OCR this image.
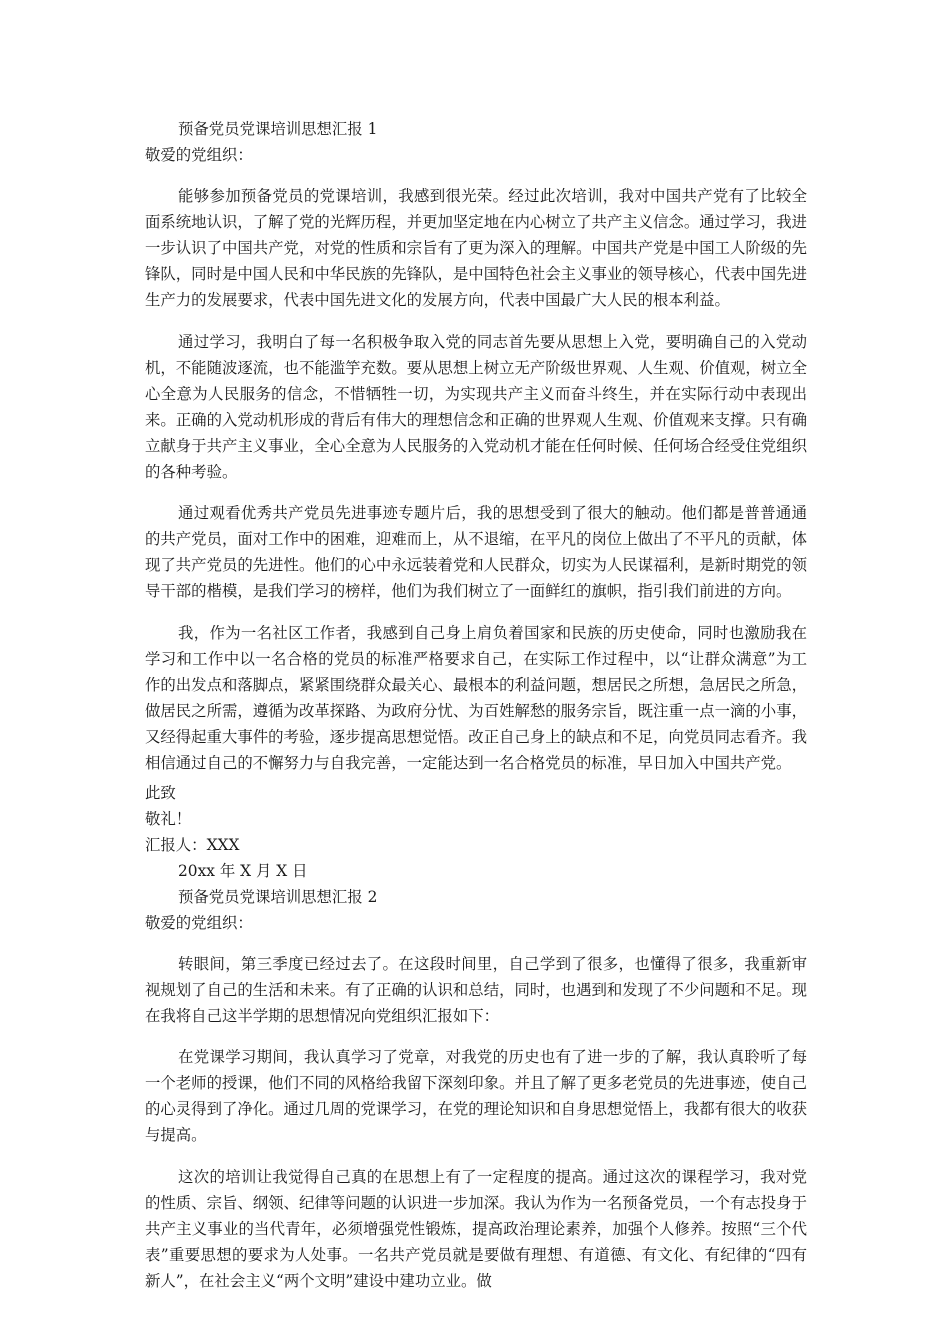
预备党员党课培训思想汇报 1

敬爱的党组织：

能够参加预备党员的党课培训，我感到很光荣。经过此次培训，我对中国共产党有了比较全面系统地认识，了解了党的光辉历程，并更加坚定地在内心树立了共产主义信念。通过学习，我进一步认识了中国共产党，对党的性质和宗旨有了更为深入的理解。中国共产党是中国工人阶级的先锋队，同时是中国人民和中华民族的先锋队，是中国特色社会主义事业的领导核心，代表中国先进生产力的发展要求，代表中国先进文化的发展方向，代表中国最广大人民的根本利益。

通过学习，我明白了每一名积极争取入党的同志首先要从思想上入党，要明确自己的入党动机，不能随波逐流，也不能滥竽充数。要从思想上树立无产阶级世界观、人生观、价值观，树立全心全意为人民服务的信念，不惜牺牲一切，为实现共产主义而奋斗终生，并在实际行动中表现出来。正确的入党动机形成的背后有伟大的理想信念和正确的世界观人生观、价值观来支撑。只有确立献身于共产主义事业，全心全意为人民服务的入党动机才能在任何时候、任何场合经受住党组织的各种考验。

通过观看优秀共产党员先进事迹专题片后，我的思想受到了很大的触动。他们都是普普通通的共产党员，面对工作中的困难，迎难而上，从不退缩，在平凡的岗位上做出了不平凡的贡献，体现了共产党员的先进性。他们的心中永远装着党和人民群众，切实为人民谋福利，是新时期党的领导干部的楷模，是我们学习的榜样，他们为我们树立了一面鲜红的旗帜，指引我们前进的方向。

我，作为一名社区工作者，我感到自己身上肩负着国家和民族的历史使命，同时也激励我在学习和工作中以一名合格的党员的标准严格要求自己，在实际工作过程中，以“让群众满意”为工作的出发点和落脚点，紧紧围绕群众最关心、最根本的利益问题，想居民之所想，急居民之所急，做居民之所需，遵循为改革探路、为政府分忧、为百姓解愁的服务宗旨，既注重一点一滴的小事，又经得起重大事件的考验，逐步提高思想觉悟。改正自己身上的缺点和不足，向党员同志看齐。我相信通过自己的不懈努力与自我完善，一定能达到一名合格党员的标准，早日加入中国共产党。

此致

敬礼！

汇报人：XXX

20xx 年 X 月 X 日

预备党员党课培训思想汇报 2

敬爱的党组织：

转眼间，第三季度已经过去了。在这段时间里，自己学到了很多，也懂得了很多，我重新审视规划了自己的生活和未来。有了正确的认识和总结，同时，也遇到和发现了不少问题和不足。现在我将自己这半学期的思想情况向党组织汇报如下：

在党课学习期间，我认真学习了党章，对我党的历史也有了进一步的了解，我认真聆听了每一个老师的授课，他们不同的风格给我留下深刻印象。并且了解了更多老党员的先进事迹，使自己的心灵得到了净化。通过几周的党课学习，在党的理论知识和自身思想觉悟上，我都有很大的收获与提高。

这次的培训让我觉得自己真的在思想上有了一定程度的提高。通过这次的课程学习，我对党的性质、宗旨、纲领、纪律等问题的认识进一步加深。我认为作为一名预备党员，一个有志投身于共产主义事业的当代青年，必须增强党性锻炼，提高政治理论素养，加强个人修养。按照“三个代表”重要思想的要求为人处事。一名共产党员就是要做有理想、有道德、有文化、有纪律的“四有新人”，在社会主义“两个文明”建设中建功立业。做
